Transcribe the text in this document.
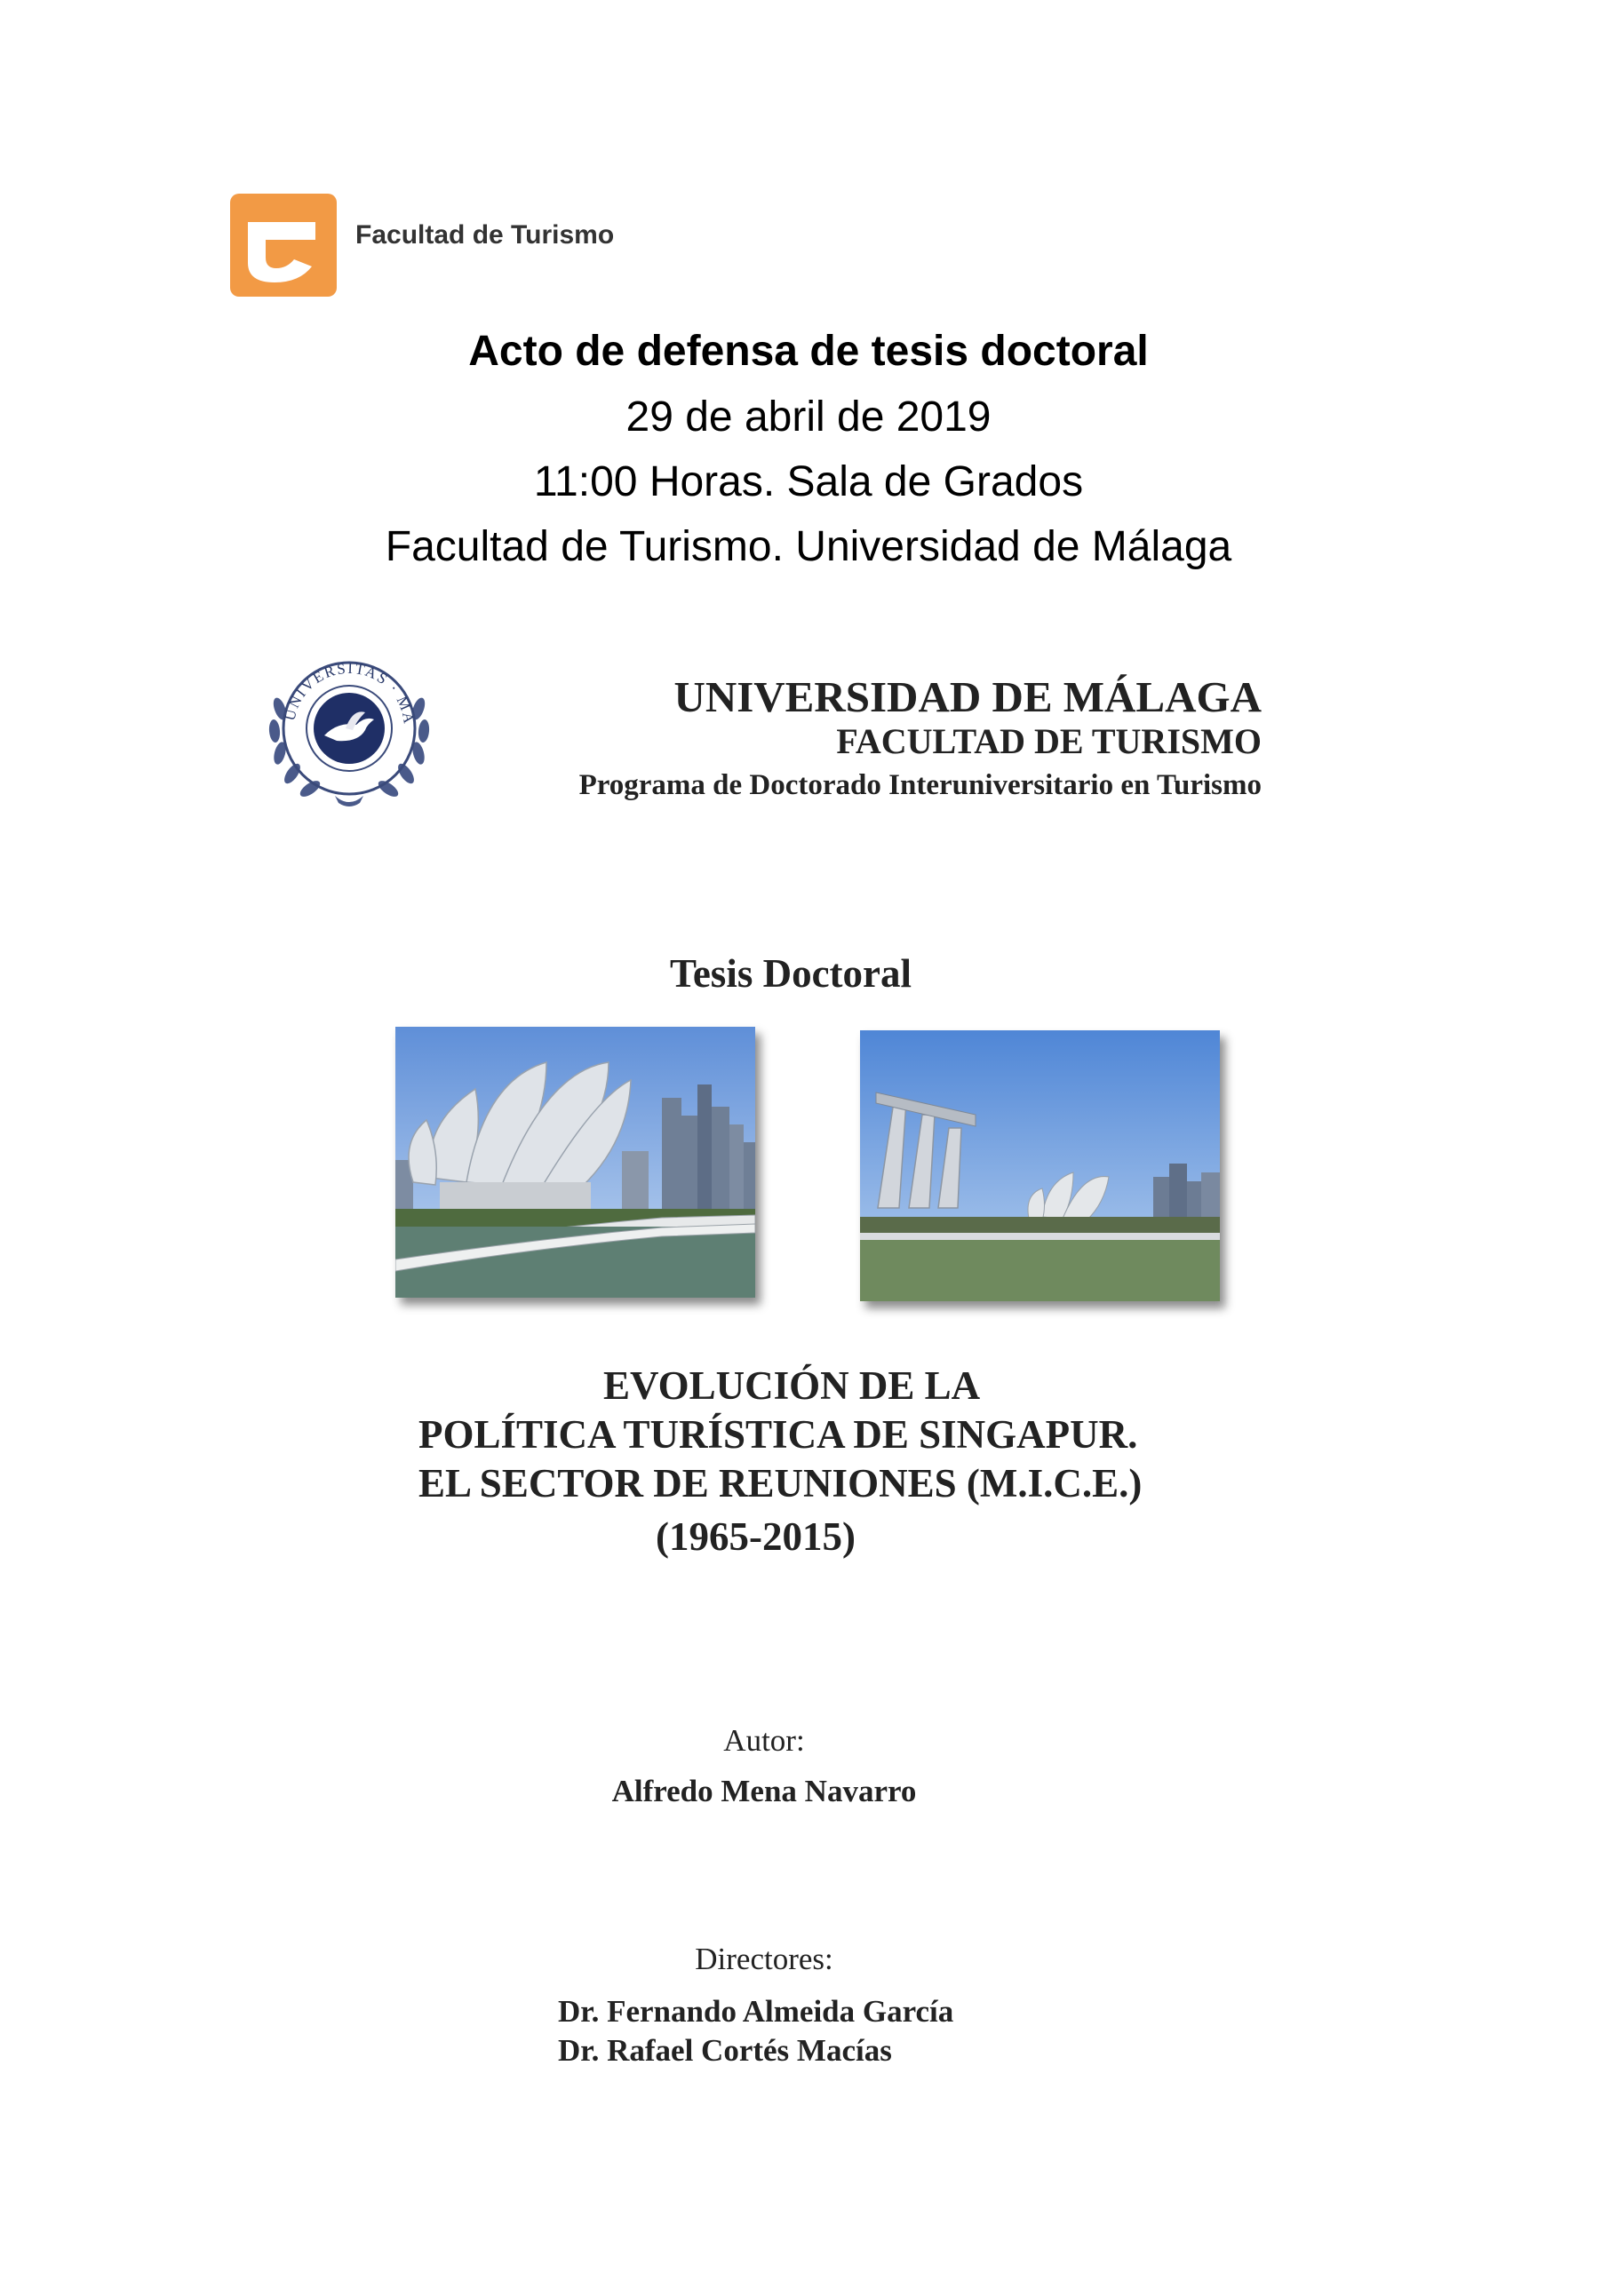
Facultad de Turismo
Acto de defensa de tesis doctoral
29 de abril de 2019
11:00 Horas. Sala de Grados
Facultad de Turismo. Universidad de Málaga
UNIVERSITAS · MA	UNIVERSIDAD DE MÁLAGA
FACULTAD DE TURISMO
Programa de Doctorado Interuniversitario en Turismo
Tesis Doctoral
EVOLUCIÓN DE LA
POLÍTICA TURÍSTICA DE SINGAPUR.
EL SECTOR DE REUNIONES (M.I.C.E.)
(1965-2015)
Autor:
Alfredo Mena Navarro
Directores:
Dr. Fernando Almeida García
Dr. Rafael Cortés Macías
